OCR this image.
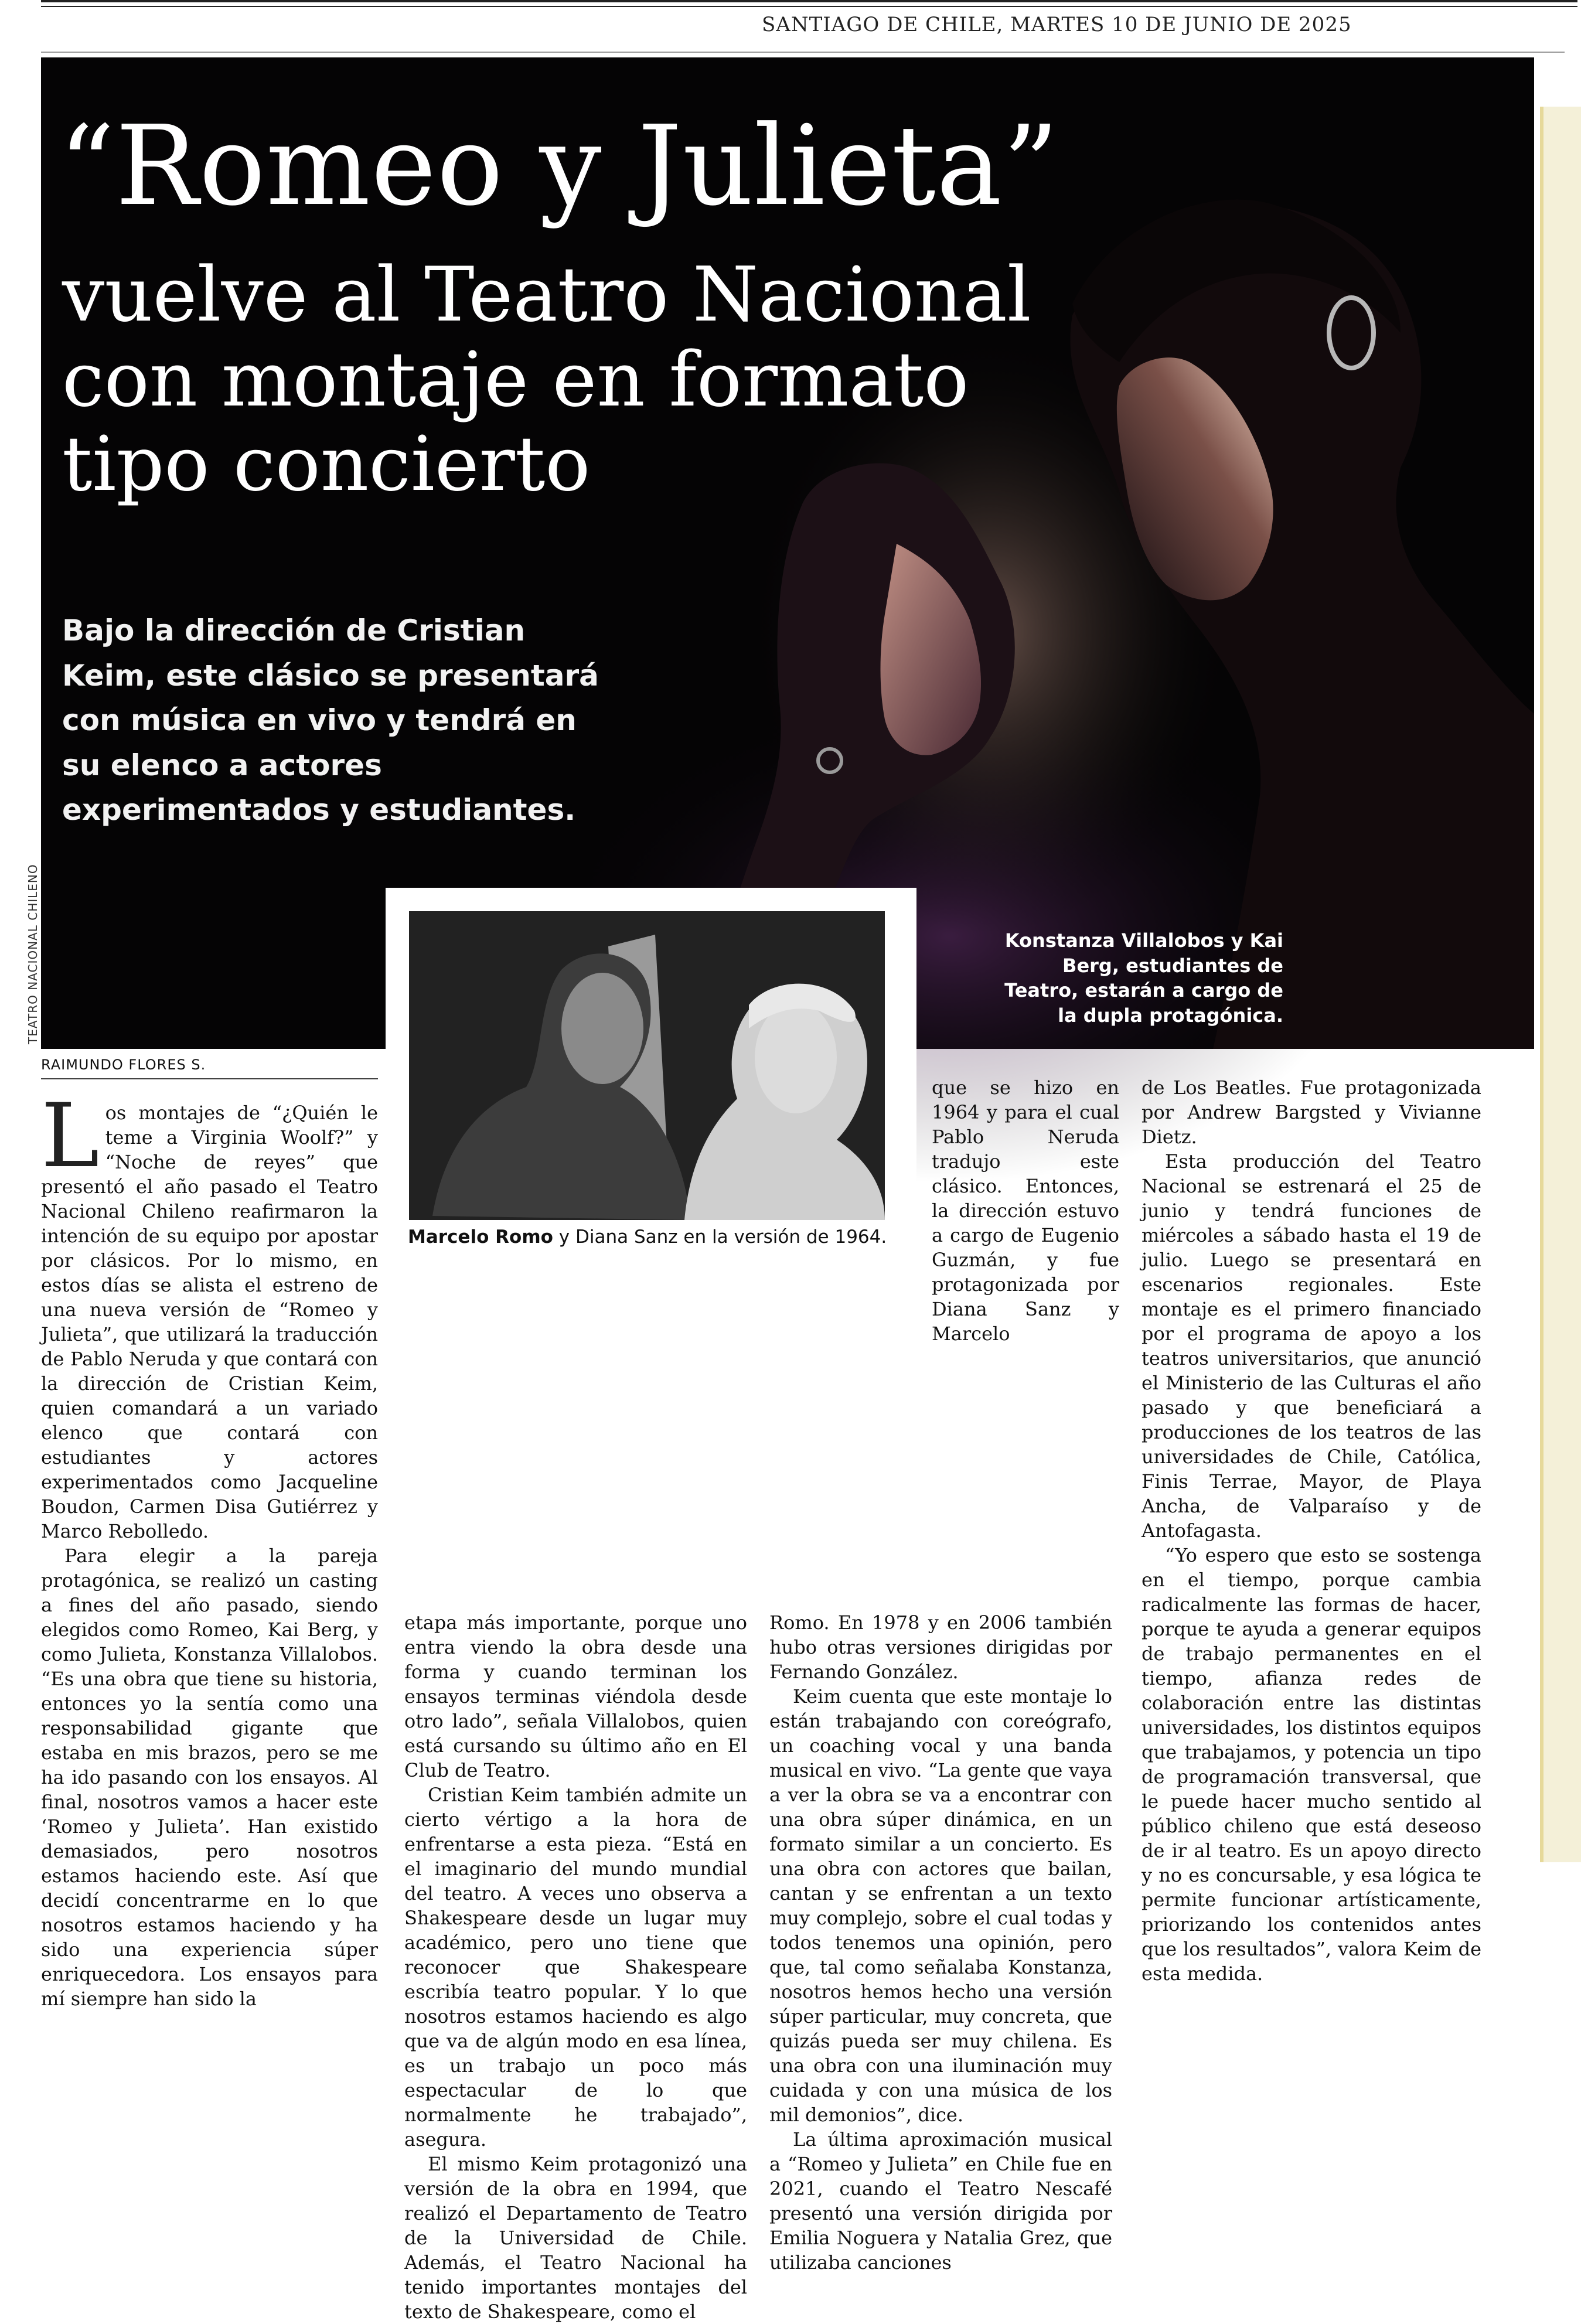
SANTIAGO DE CHILE, MARTES 10 DE JUNIO DE 2025
“Romeo y Julieta”
vuelve al Teatro Nacional con montaje en formato tipo concierto
Bajo la dirección de Cristian Keim, este clásico se presentará con música en vivo y tendrá en su elenco a actores experimentados y estudiantes.
Konstanza Villalobos y Kai Berg, estudiantes de Teatro, estarán a cargo de la dupla protagónica.
TEATRO NACIONAL CHILENO
RAIMUNDO FLORES S.
Marcelo Romo y Diana Sanz en la versión de 1964.

Los montajes de “¿Quién le teme a Virginia Woolf?” y “Noche de reyes” que presentó el año pasado el Teatro Nacional Chileno reafirmaron la intención de su equipo por apostar por clásicos. Por lo mismo, en estos días se alista el estreno de una nueva versión de “Romeo y Julieta”, que utilizará la traducción de Pablo Neruda y que contará con la dirección de Cristian Keim, quien comandará a un variado elenco que contará con estudiantes y actores experimentados como Jacqueline Boudon, Carmen Disa Gutiérrez y Marco Rebolledo.

Para elegir a la pareja protagónica, se realizó un casting a fines del año pasado, siendo elegidos como Romeo, Kai Berg, y como Julieta, Konstanza Villalobos. “Es una obra que tiene su historia, entonces yo la sentía como una responsabilidad gigante que estaba en mis brazos, pero se me ha ido pasando con los ensayos. Al final, nosotros vamos a hacer este ‘Romeo y Julieta’. Han existido demasiados, pero nosotros estamos haciendo este. Así que decidí concentrarme en lo que nosotros estamos haciendo y ha sido una experiencia súper enriquecedora. Los ensayos para mí siempre han sido la

etapa más importante, porque uno entra viendo la obra desde una forma y cuando terminan los ensayos terminas viéndola desde otro lado”, señala Villalobos, quien está cursando su último año en El Club de Teatro.

Cristian Keim también admite un cierto vértigo a la hora de enfrentarse a esta pieza. “Está en el imaginario del mundo mundial del teatro. A veces uno observa a Shakespeare desde un lugar muy académico, pero uno tiene que reconocer que Shakespeare escribía teatro popular. Y lo que nosotros estamos haciendo es algo que va de algún modo en esa línea, es un trabajo un poco más espectacular de lo que normalmente he trabajado”, asegura.

El mismo Keim protagonizó una versión de la obra en 1994, que realizó el Departamento de Teatro de la Universidad de Chile. Además, el Teatro Nacional ha tenido importantes montajes del texto de Shakespeare, como el

que se hizo en 1964 y para el cual Pablo Neruda tradujo este clásico. Entonces, la dirección estuvo a cargo de Eugenio Guzmán, y fue protagonizada por Diana Sanz y Marcelo

Romo. En 1978 y en 2006 también hubo otras versiones dirigidas por Fernando González.

Keim cuenta que este montaje lo están trabajando con coreógrafo, un coaching vocal y una banda musical en vivo. “La gente que vaya a ver la obra se va a encontrar con una obra súper dinámica, en un formato similar a un concierto. Es una obra con actores que bailan, cantan y se enfrentan a un texto muy complejo, sobre el cual todas y todos tenemos una opinión, pero que, tal como señalaba Konstanza, nosotros hemos hecho una versión súper particular, muy concreta, que quizás pueda ser muy chilena. Es una obra con una iluminación muy cuidada y con una música de los mil demonios”, dice.

La última aproximación musical a “Romeo y Julieta” en Chile fue en 2021, cuando el Teatro Nescafé presentó una versión dirigida por Emilia Noguera y Natalia Grez, que utilizaba canciones

de Los Beatles. Fue protagonizada por Andrew Bargsted y Vivianne Dietz.

Esta producción del Teatro Nacional se estrenará el 25 de junio y tendrá funciones de miércoles a sábado hasta el 19 de julio. Luego se presentará en escenarios regionales. Este montaje es el primero financiado por el programa de apoyo a los teatros universitarios, que anunció el Ministerio de las Culturas el año pasado y que beneficiará a producciones de los teatros de las universidades de Chile, Católica, Finis Terrae, Mayor, de Playa Ancha, de Valparaíso y de Antofagasta.

“Yo espero que esto se sostenga en el tiempo, porque cambia radicalmente las formas de hacer, porque te ayuda a generar equipos de trabajo permanentes en el tiempo, afianza redes de colaboración entre las distintas universidades, los distintos equipos que trabajamos, y potencia un tipo de programación transversal, que le puede hacer mucho sentido al público chileno que está deseoso de ir al teatro. Es un apoyo directo y no es concursable, y esa lógica te permite funcionar artísticamente, priorizando los contenidos antes que los resultados”, valora Keim de esta medida.
